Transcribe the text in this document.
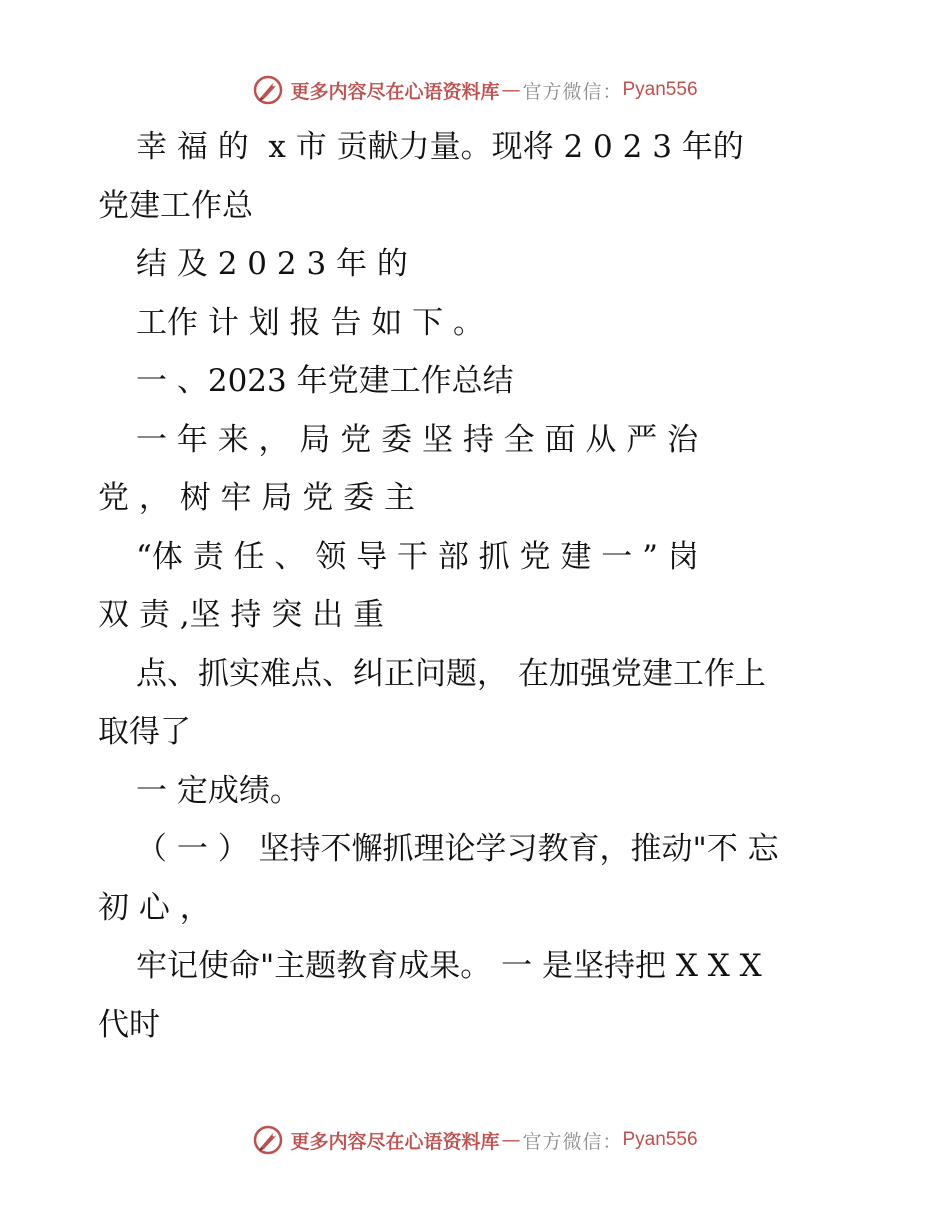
更多内容尽在心语资料库 — 官方微信： Pyan556
幸 福 的  x 市 贡献力量。现将 2 0 2 3 年的
党建工作总
结 及 2 0 2 3 年 的
工作 计 划 报 告 如 下 。
一 、2023 年党建工作总结
一 年 来 ， 局 党 委 坚 持 全 面 从 严 治
党 ， 树 牢 局 党 委 主
“体 责 任 、 领 导 干 部 抓 党 建 一 ” 岗
双 责 ,坚 持 突 出 重
点、抓实难点、纠正问题， 在加强党建工作上
取得了
一 定成绩。
（ 一 ） 坚持不懈抓理论学习教育，推动"不 忘
初 心 ，
牢记使命"主题教育成果。 一 是坚持把 X X X
代时
更多内容尽在心语资料库 — 官方微信： Pyan556
